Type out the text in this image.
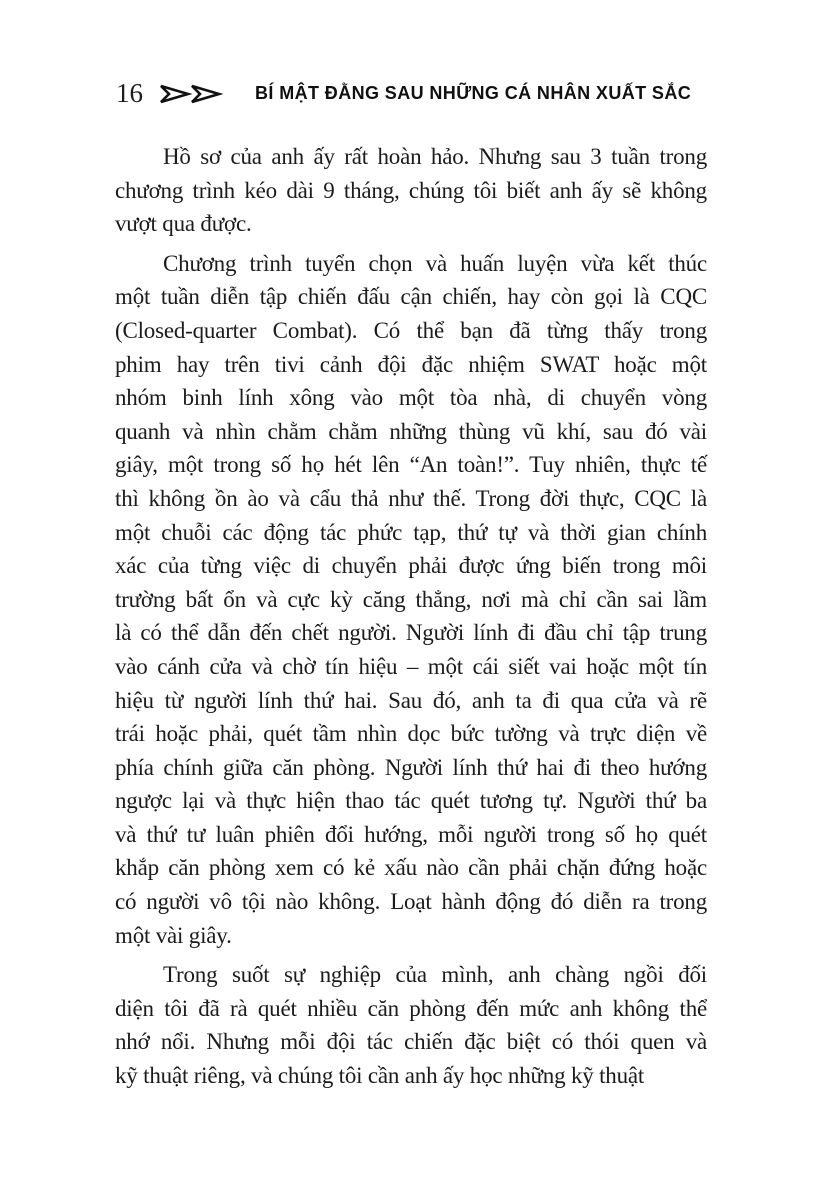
16	BÍ MẬT ĐẰNG SAU NHỮNG CÁ NHÂN XUẤT SẮC

Hồ sơ của anh ấy rất hoàn hảo. Nhưng sau 3 tuần trong
chương trình kéo dài 9 tháng, chúng tôi biết anh ấy sẽ không
vượt qua được.

Chương trình tuyển chọn và huấn luyện vừa kết thúc
một tuần diễn tập chiến đấu cận chiến, hay còn gọi là CQC
(Closed-quarter Combat). Có thể bạn đã từng thấy trong
phim hay trên tivi cảnh đội đặc nhiệm SWAT hoặc một
nhóm binh lính xông vào một tòa nhà, di chuyển vòng
quanh và nhìn chằm chằm những thùng vũ khí, sau đó vài
giây, một trong số họ hét lên “An toàn!”. Tuy nhiên, thực tế
thì không ồn ào và cẩu thả như thế. Trong đời thực, CQC là
một chuỗi các động tác phức tạp, thứ tự và thời gian chính
xác của từng việc di chuyển phải được ứng biến trong môi
trường bất ổn và cực kỳ căng thẳng, nơi mà chỉ cần sai lầm
là có thể dẫn đến chết người. Người lính đi đầu chỉ tập trung
vào cánh cửa và chờ tín hiệu – một cái siết vai hoặc một tín
hiệu từ người lính thứ hai. Sau đó, anh ta đi qua cửa và rẽ
trái hoặc phải, quét tầm nhìn dọc bức tường và trực diện về
phía chính giữa căn phòng. Người lính thứ hai đi theo hướng
ngược lại và thực hiện thao tác quét tương tự. Người thứ ba
và thứ tư luân phiên đổi hướng, mỗi người trong số họ quét
khắp căn phòng xem có kẻ xấu nào cần phải chặn đứng hoặc
có người vô tội nào không. Loạt hành động đó diễn ra trong
một vài giây.

Trong suốt sự nghiệp của mình, anh chàng ngồi đối
diện tôi đã rà quét nhiều căn phòng đến mức anh không thể
nhớ nổi. Nhưng mỗi đội tác chiến đặc biệt có thói quen và
kỹ thuật riêng, và chúng tôi cần anh ấy học những kỹ thuật
